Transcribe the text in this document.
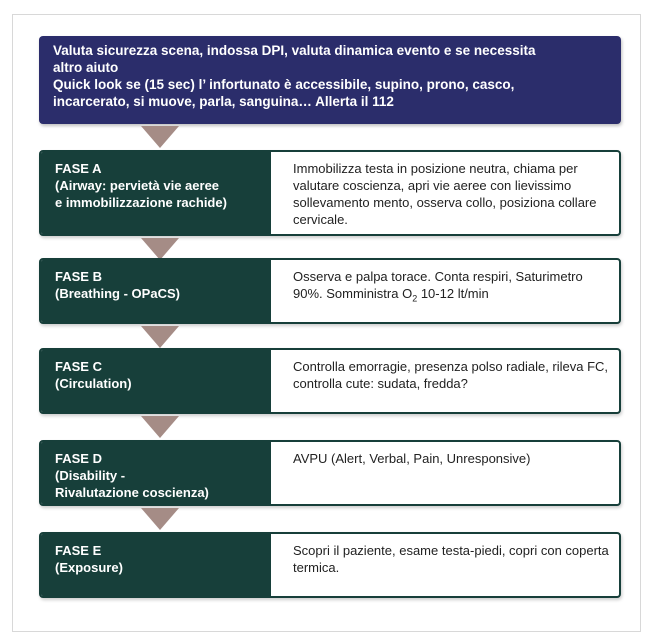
Valuta sicurezza scena, indossa DPI, valuta dinamica evento e se necessita
altro aiuto
Quick look se (15 sec) l’ infortunato è accessibile, supino, prono, casco,
incarcerato, si muove, parla, sanguina… Allerta il 112
FASE A
(Airway: pervietà vie aeree
e immobilizzazione rachide)
Immobilizza testa in posizione neutra, chiama per valutare coscienza, apri vie aeree con lievissimo sollevamento mento, osserva collo, posiziona collare cervicale.
FASE B
(Breathing - OPaCS)
Osserva e palpa torace. Conta respiri, Saturimetro 90%. Somministra $O_2$ 10-12 lt/min
FASE C
(Circulation)
Controlla emorragie, presenza polso radiale, rileva FC, controlla cute: sudata, fredda?
FASE D
(Disability -
Rivalutazione coscienza)
AVPU (Alert, Verbal, Pain, Unresponsive)
FASE E
(Exposure)
Scopri il paziente, esame testa-piedi, copri con coperta termica.
